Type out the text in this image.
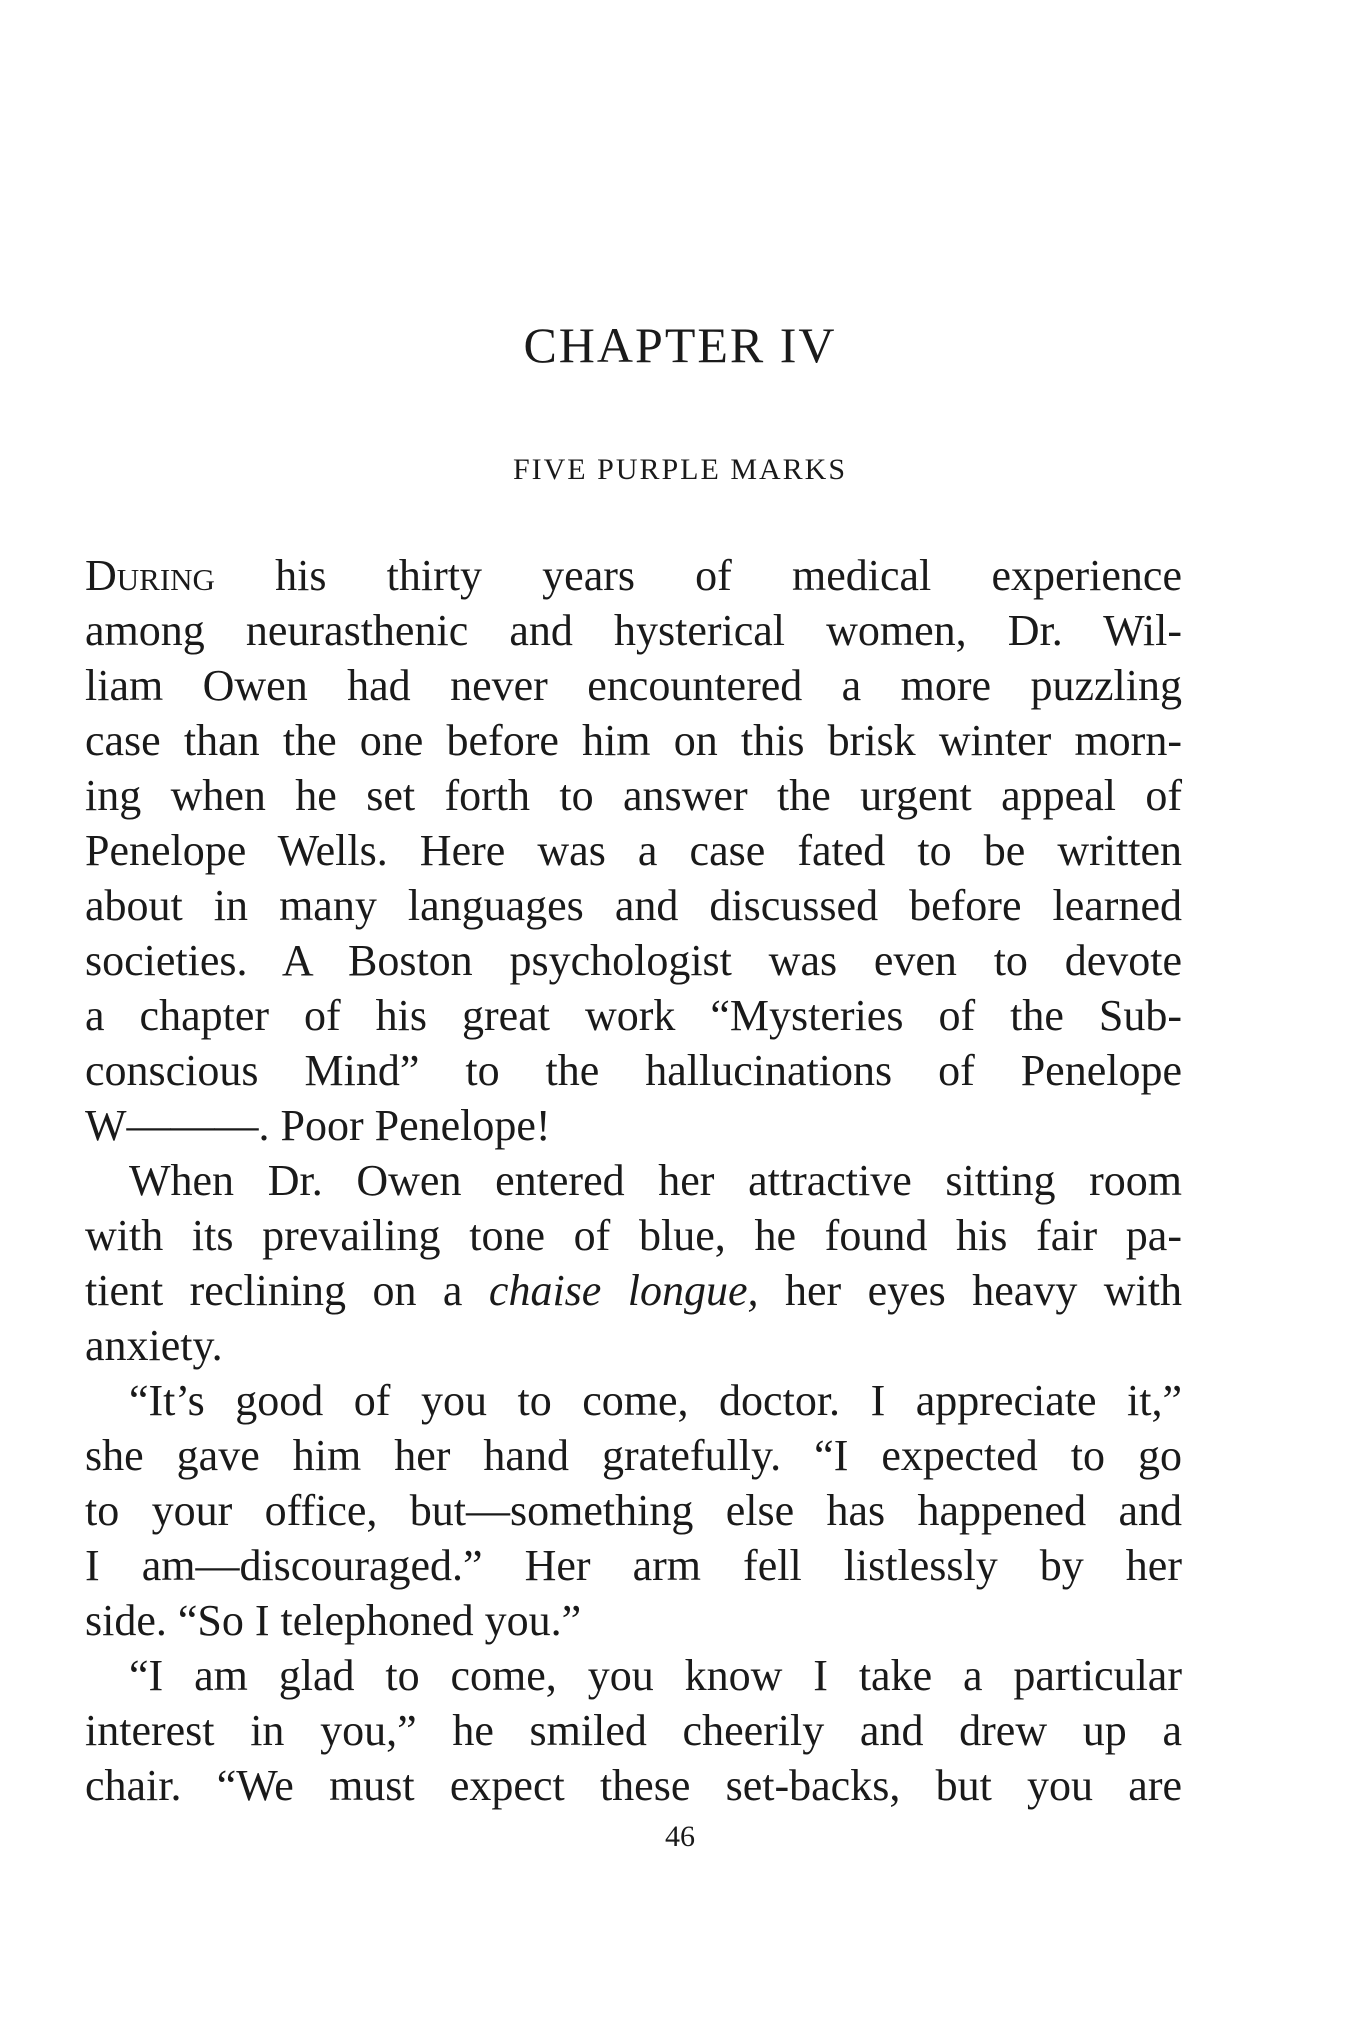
CHAPTER IV
FIVE PURPLE MARKS
During his thirty years of medical experience
among neurasthenic and hysterical women, Dr. Wil-
liam Owen had never encountered a more puzzling
case than the one before him on this brisk winter morn-
ing when he set forth to answer the urgent appeal of
Penelope Wells. Here was a case fated to be written
about in many languages and discussed before learned
societies. A Boston psychologist was even to devote
a chapter of his great work “Mysteries of the Sub-
conscious Mind” to the hallucinations of Penelope
W———. Poor Penelope!
When Dr. Owen entered her attractive sitting room
with its prevailing tone of blue, he found his fair pa-
tient reclining on a chaise longue, her eyes heavy with
anxiety.
“It’s good of you to come, doctor. I appreciate it,”
she gave him her hand gratefully. “I expected to go
to your office, but—something else has happened and
I am—discouraged.” Her arm fell listlessly by her
side. “So I telephoned you.”
“I am glad to come, you know I take a particular
interest in you,” he smiled cheerily and drew up a
chair. “We must expect these set-backs, but you are
46
